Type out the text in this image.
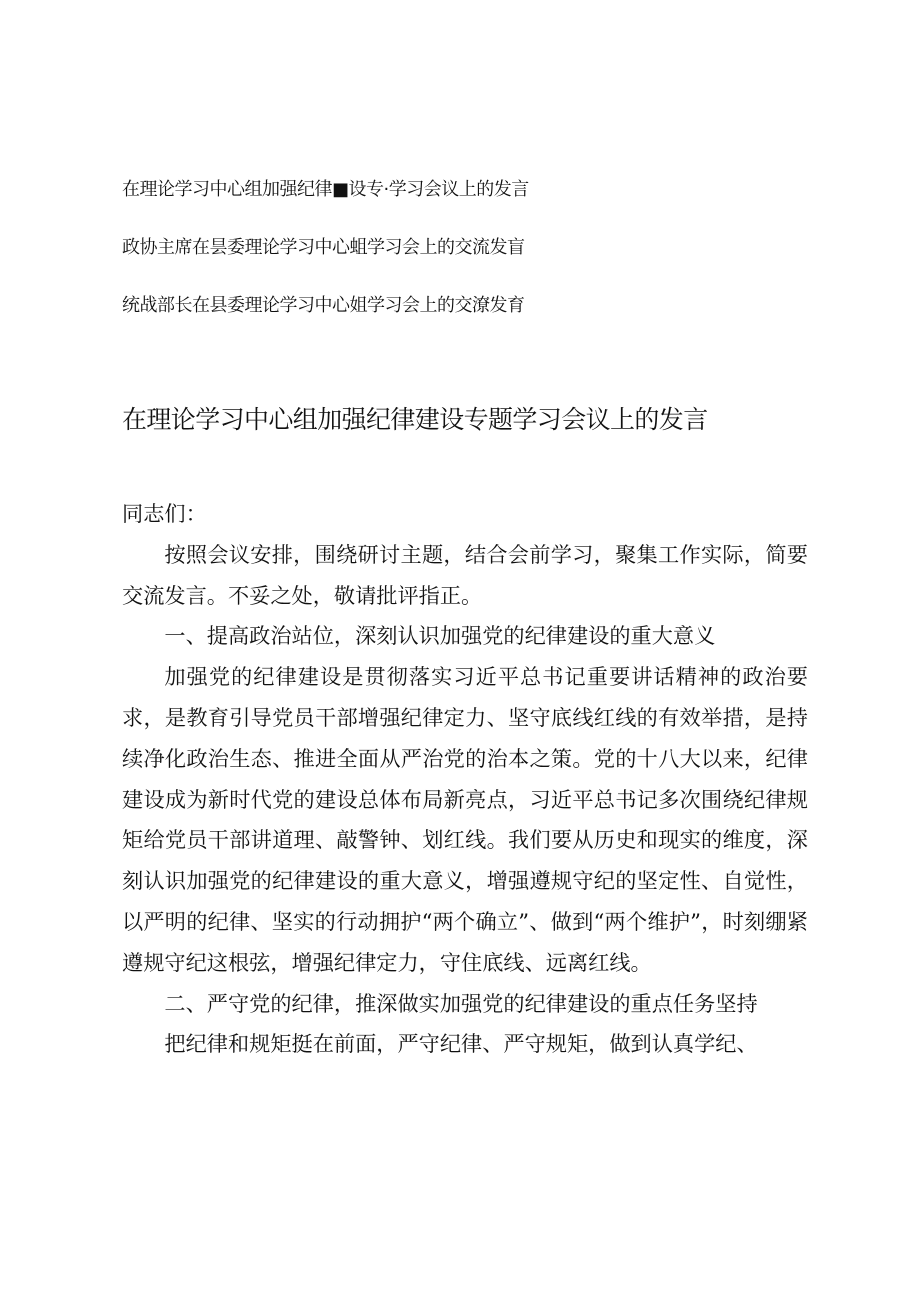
在理论学习中心组加强纪律■设专·学习会议上的发言
政协主席在昙委理论学习中心蛆学习会上的交流发盲
统战部长在县委理论学习中心姐学习会上的交潦发育
在理论学习中心组加强纪律建设专题学习会议上的发言

同志们：

按照会议安排，围绕研讨主题，结合会前学习，聚集工作实际，简要交流发言。不妥之处，敬请批评指正。

一、提高政治站位，深刻认识加强党的纪律建设的重大意义

加强党的纪律建设是贯彻落实习近平总书记重要讲话精神的政治要求，是教育引导党员干部增强纪律定力、坚守底线红线的有效举措，是持续净化政治生态、推进全面从严治党的治本之策。党的十八大以来，纪律建设成为新时代党的建设总体布局新亮点，习近平总书记多次围绕纪律规矩给党员干部讲道理、敲警钟、划红线。我们要从历史和现实的维度，深刻认识加强党的纪律建设的重大意义，增强遵规守纪的坚定性、自觉性，以严明的纪律、坚实的行动拥护“两个确立”、做到“两个维护”，时刻绷紧遵规守纪这根弦，增强纪律定力，守住底线、远离红线。

二、严守党的纪律，推深做实加强党的纪律建设的重点任务坚持

把纪律和规矩挺在前面，严守纪律、严守规矩，做到认真学纪、
